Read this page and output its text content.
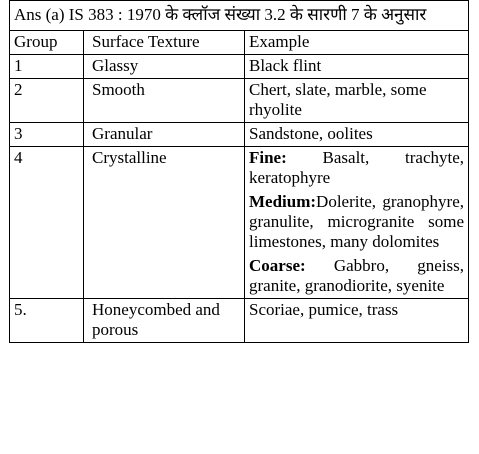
Ans (a) IS 383 : 1970 के क्लॉज संख्या 3.2 के सारणी 7 के अनुसार		
Group	Surface Texture	Example
1	Glassy	Black flint
2	Smooth	Chert, slate, marble, some rhyolite
3	Granular	Sandstone, oolites
4	Crystalline	Fine: Basalt, trachyte, keratophyre
Medium:Dolerite, granophyre, granulite, microgranite some limestones, many dolomites
Coarse: Gabbro, gneiss, granite, granodiorite, syenite

5.	Honeycombed and porous	Scoriae, pumice, trass
